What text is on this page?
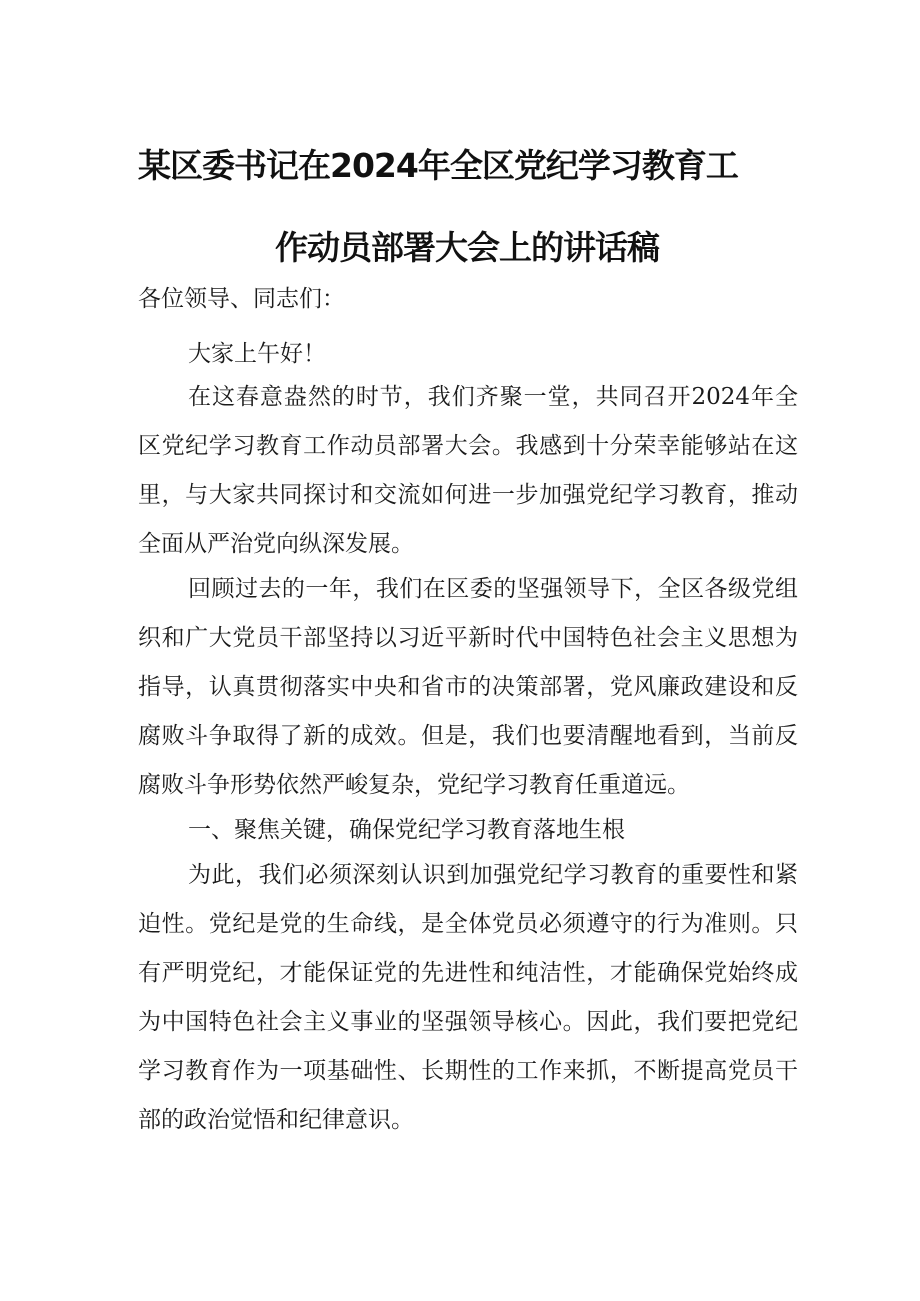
某区委书记在2024年全区党纪学习教育工
作动员部署大会上的讲话稿
各位领导、同志们：

大家上午好！

在这春意盎然的时节，我们齐聚一堂，共同召开2024年全区党纪学习教育工作动员部署大会。我感到十分荣幸能够站在这里，与大家共同探讨和交流如何进一步加强党纪学习教育，推动全面从严治党向纵深发展。

回顾过去的一年，我们在区委的坚强领导下，全区各级党组织和广大党员干部坚持以习近平新时代中国特色社会主义思想为指导，认真贯彻落实中央和省市的决策部署，党风廉政建设和反腐败斗争取得了新的成效。但是，我们也要清醒地看到，当前反腐败斗争形势依然严峻复杂，党纪学习教育任重道远。

一、聚焦关键，确保党纪学习教育落地生根

为此，我们必须深刻认识到加强党纪学习教育的重要性和紧迫性。党纪是党的生命线，是全体党员必须遵守的行为准则。只有严明党纪，才能保证党的先进性和纯洁性，才能确保党始终成为中国特色社会主义事业的坚强领导核心。因此，我们要把党纪学习教育作为一项基础性、长期性的工作来抓，不断提高党员干部的政治觉悟和纪律意识。
